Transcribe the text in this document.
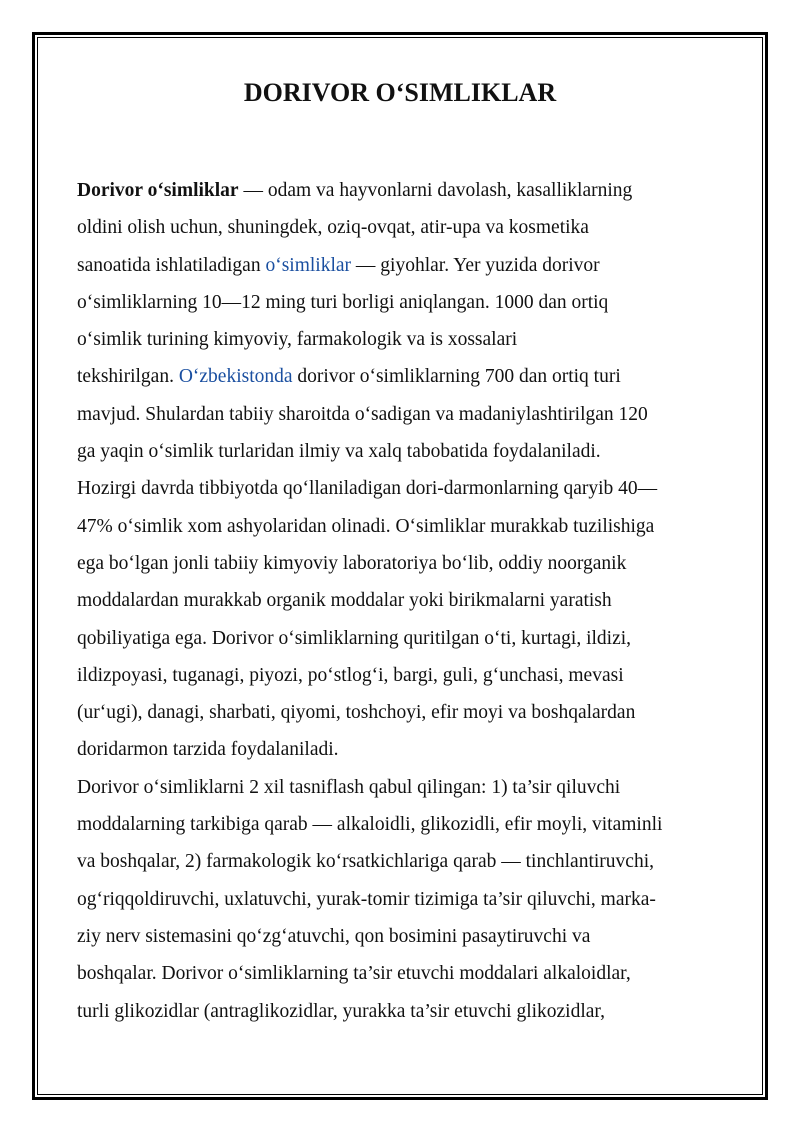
DORIVOR O‘SIMLIKLAR
Dorivor o‘simliklar — odam va hayvonlarni davolash, kasalliklarning
oldini olish uchun, shuningdek, oziq-ovqat, atir-upa va kosmetika
sanoatida ishlatiladigan o‘simliklar — giyohlar. Yer yuzida dorivor
o‘simliklarning 10—12 ming turi borligi aniqlangan. 1000 dan ortiq
o‘simlik turining kimyoviy, farmakologik va is xossalari
tekshirilgan. O‘zbekistonda dorivor o‘simliklarning 700 dan ortiq turi
mavjud. Shulardan tabiiy sharoitda o‘sadigan va madaniylashtirilgan 120
ga yaqin o‘simlik turlaridan ilmiy va xalq tabobatida foydalaniladi.
Hozirgi davrda tibbiyotda qo‘llaniladigan dori-darmonlarning qaryib 40—
47% o‘simlik xom ashyolaridan olinadi. O‘simliklar murakkab tuzilishiga
ega bo‘lgan jonli tabiiy kimyoviy laboratoriya bo‘lib, oddiy noorganik
moddalardan murakkab organik moddalar yoki birikmalarni yaratish
qobiliyatiga ega. Dorivor o‘simliklarning quritilgan o‘ti, kurtagi, ildizi,
ildizpoyasi, tuganagi, piyozi, po‘stlog‘i, bargi, guli, g‘unchasi, mevasi
(ur‘ugi), danagi, sharbati, qiyomi, toshchoyi, efir moyi va boshqalardan
doridarmon tarzida foydalaniladi.
Dorivor o‘simliklarni 2 xil tasniflash qabul qilingan: 1) ta’sir qiluvchi
moddalarning tarkibiga qarab — alkaloidli, glikozidli, efir moyli, vitaminli
va boshqalar, 2) farmakologik ko‘rsatkichlariga qarab — tinchlantiruvchi,
og‘riqqoldiruvchi, uxlatuvchi, yurak-tomir tizimiga ta’sir qiluvchi, marka-
ziy nerv sistemasini qo‘zg‘atuvchi, qon bosimini pasaytiruvchi va
boshqalar. Dorivor o‘simliklarning ta’sir etuvchi moddalari alkaloidlar,
turli glikozidlar (antraglikozidlar, yurakka ta’sir etuvchi glikozidlar,
